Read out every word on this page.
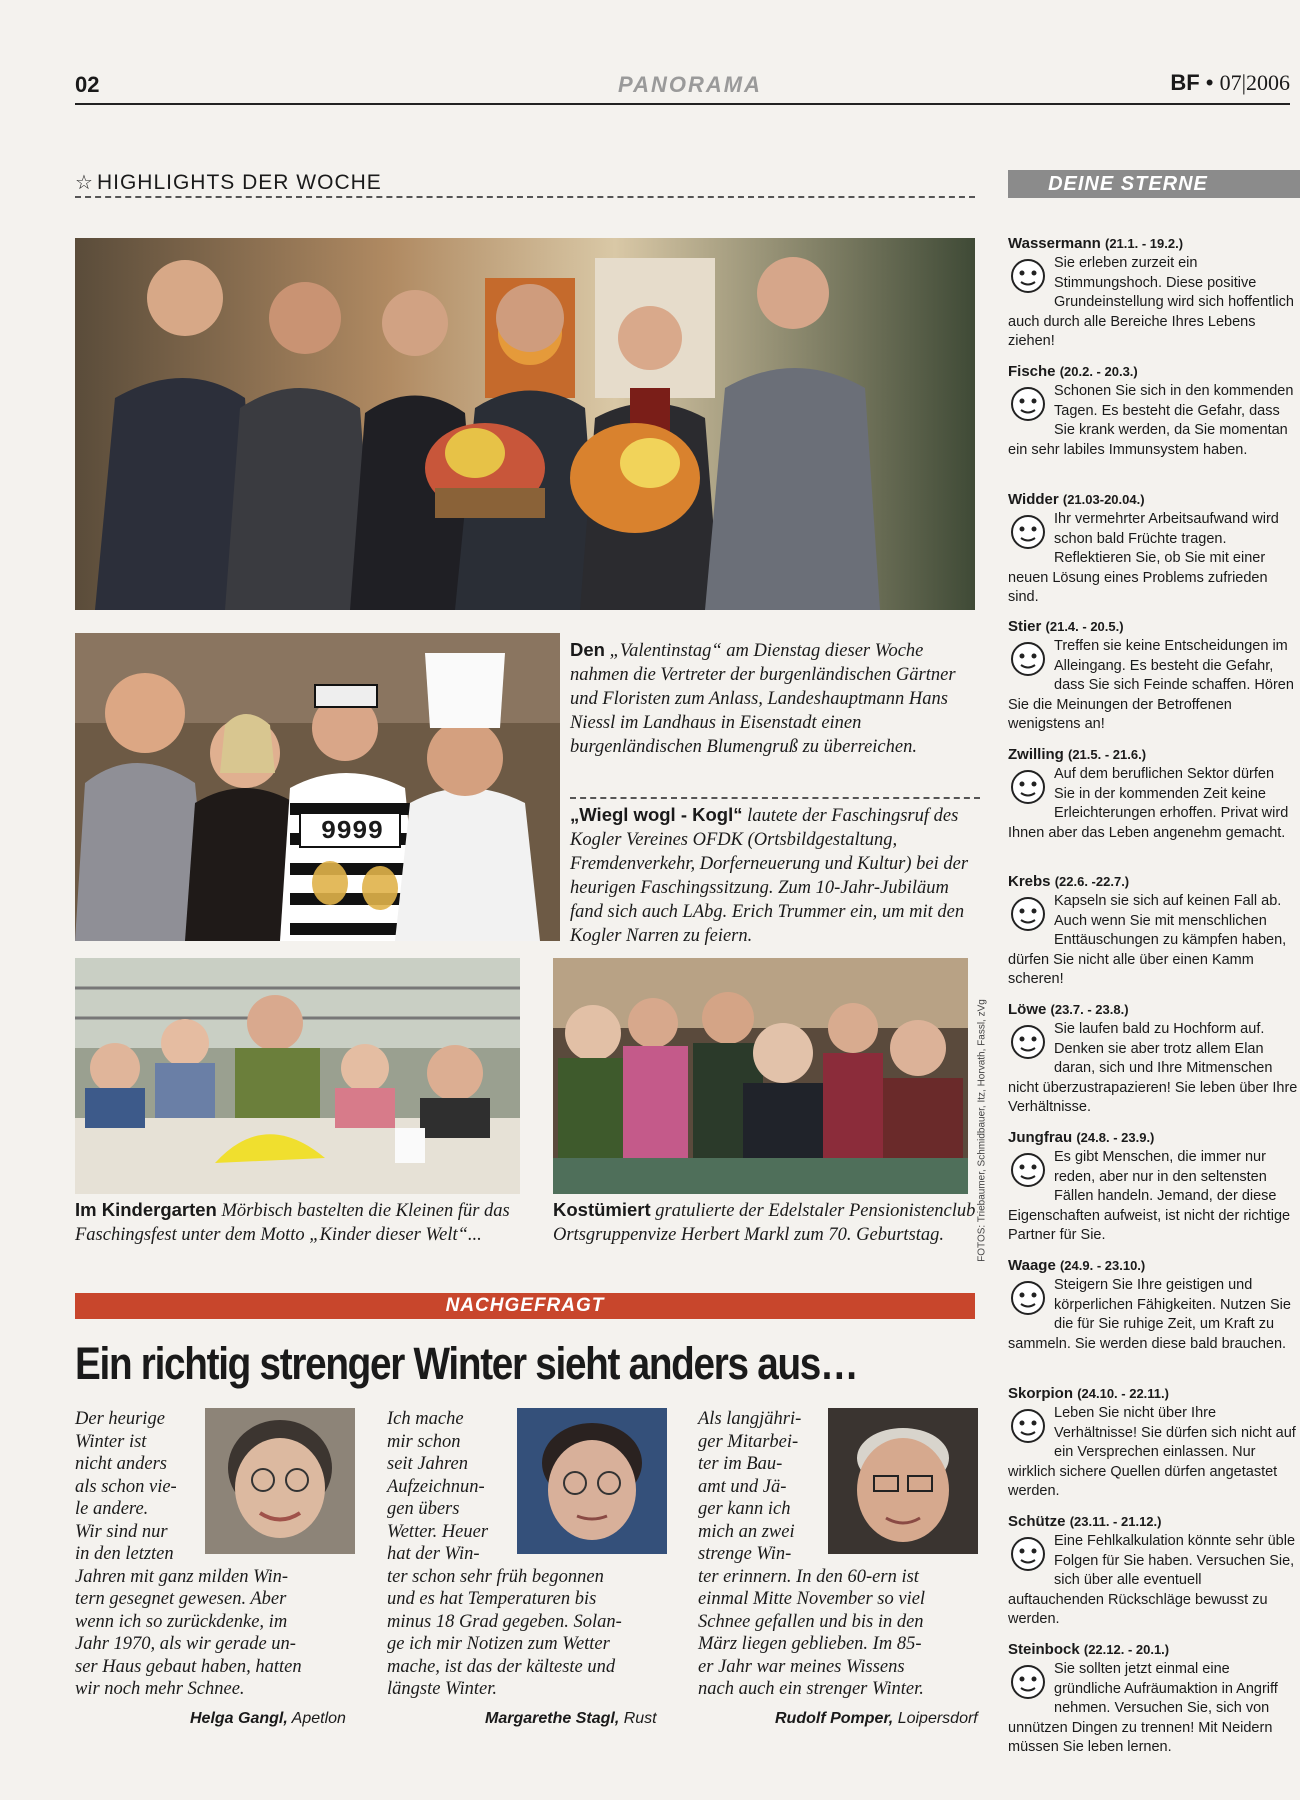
02	PANORAMA	BF • 07|2006
☆ HIGHLIGHTS DER WOCHE
9999
Den „Valentinstag“ am Dienstag dieser Woche nahmen die Vertreter der burgenländischen Gärtner und Floristen zum Anlass, Landeshauptmann Hans Niessl im Landhaus in Eisenstadt einen burgenländischen Blumengruß zu überreichen.
„Wiegl wogl - Kogl“ lautete der Faschingsruf des Kogler Vereines OFDK (Ortsbildgestaltung, Fremdenverkehr, Dorferneuerung und Kultur) bei der heurigen Faschingssitzung. Zum 10-Jahr-Jubiläum fand sich auch LAbg. Erich Trummer ein, um mit den Kogler Narren zu feiern.
FOTOS: Triebaumer, Schmidbauer, Itz, Horvath, Fassl, zVg
Im Kindergarten Mörbisch bastelten die Kleinen für das Faschingsfest unter dem Motto „Kinder dieser Welt“...
Kostümiert gratulierte der Edelstaler Pensionistenclub Ortsgruppenvize Herbert Markl zum 70. Geburtstag.
NACHGEFRAGT
Ein richtig strenger Winter sieht anders aus…
Der heurige
Winter ist
nicht anders
als schon vie-
le andere.
Wir sind nur
in den letzten
Jahren mit ganz milden Win-
tern gesegnet gewesen. Aber
wenn ich so zurückdenke, im
Jahr 1970, als wir gerade un-
ser Haus gebaut haben, hatten
wir noch mehr Schnee.
Helga Gangl, Apetlon
Ich mache
mir schon
seit Jahren
Aufzeichnun-
gen übers
Wetter. Heuer
hat der Win-
ter schon sehr früh begonnen
und es hat Temperaturen bis
minus 18 Grad gegeben. Solan-
ge ich mir Notizen zum Wetter
mache, ist das der kälteste und
längste Winter.
Margarethe Stagl, Rust
Als langjähri-
ger Mitarbei-
ter im Bau-
amt und Jä-
ger kann ich
mich an zwei
strenge Win-
ter erinnern. In den 60-ern ist
einmal Mitte November so viel
Schnee gefallen und bis in den
März liegen geblieben. Im 85-
er Jahr war meines Wissens
nach auch ein strenger Winter.
Rudolf Pomper, Loipersdorf
DEINE STERNE
Wassermann (21.1. - 19.2.)
Sie erleben zurzeit ein Stimmungshoch. Diese positive Grundeinstellung wird sich hoffentlich auch durch alle Bereiche Ihres Lebens ziehen!
Fische (20.2. - 20.3.)
Schonen Sie sich in den kommenden Tagen. Es besteht die Gefahr, dass Sie krank werden, da Sie momentan ein sehr labiles Immunsystem haben.
Widder (21.03-20.04.)
Ihr vermehrter Arbeitsaufwand wird schon bald Früchte tragen. Reflektieren Sie, ob Sie mit einer neuen Lösung eines Problems zufrieden sind.
Stier (21.4. - 20.5.)
Treffen sie keine Entscheidungen im Alleingang. Es besteht die Gefahr, dass Sie sich Feinde schaffen. Hören Sie die Meinungen der Betroffenen wenigstens an!
Zwilling (21.5. - 21.6.)
Auf dem beruflichen Sektor dürfen Sie in der kommenden Zeit keine Erleichterungen erhoffen. Privat wird Ihnen aber das Leben angenehm gemacht.
Krebs (22.6. -22.7.)
Kapseln sie sich auf keinen Fall ab. Auch wenn Sie mit menschlichen Enttäuschungen zu kämpfen haben, dürfen Sie nicht alle über einen Kamm scheren!
Löwe (23.7. - 23.8.)
Sie laufen bald zu Hochform auf. Denken sie aber trotz allem Elan daran, sich und Ihre Mitmenschen nicht überzustrapazieren! Sie leben über Ihre Verhältnisse.
Jungfrau (24.8. - 23.9.)
Es gibt Menschen, die immer nur reden, aber nur in den seltensten Fällen handeln. Jemand, der diese Eigenschaften aufweist, ist nicht der richtige Partner für Sie.
Waage (24.9. - 23.10.)
Steigern Sie Ihre geistigen und körperlichen Fähigkeiten. Nutzen Sie die für Sie ruhige Zeit, um Kraft zu sammeln. Sie werden diese bald brauchen.
Skorpion (24.10. - 22.11.)
Leben Sie nicht über Ihre Verhältnisse! Sie dürfen sich nicht auf ein Versprechen einlassen. Nur wirklich sichere Quellen dürfen angetastet werden.
Schütze (23.11. - 21.12.)
Eine Fehlkalkulation könnte sehr üble Folgen für Sie haben. Versuchen Sie, sich über alle eventuell auftauchenden Rückschläge bewusst zu werden.
Steinbock (22.12. - 20.1.)
Sie sollten jetzt einmal eine gründliche Aufräumaktion in Angriff nehmen. Versuchen Sie, sich von unnützen Dingen zu trennen! Mit Neidern müssen Sie leben lernen.
